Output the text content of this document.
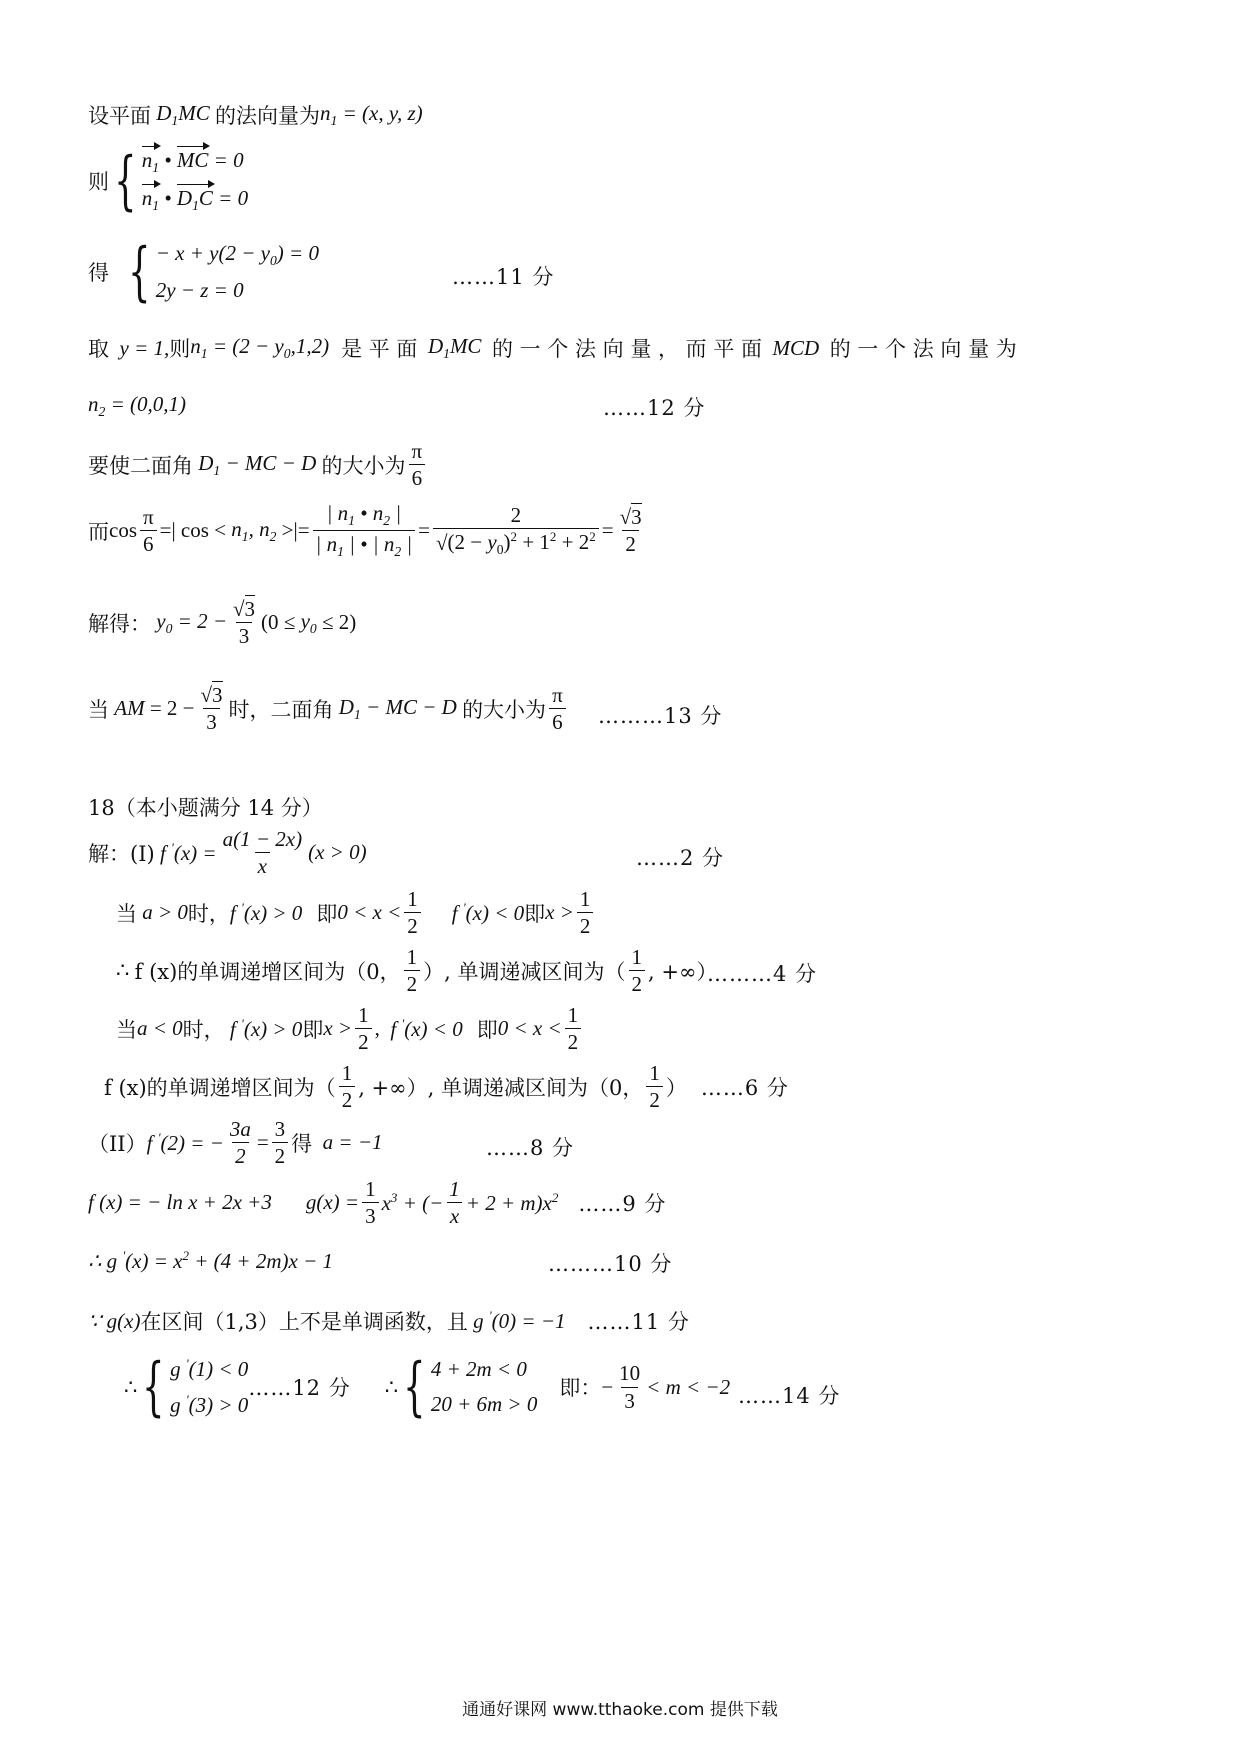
设平面 $D_1MC$ 的法向量为 $n_1 = (x$, y, z)
则 { $n_1$ • MC = 0
$n_1$ • $D_1C = 0$
得 { − $x + y(2 - y_0) = 0$
2y − z = 0
……11 分
取 y = 1, 则 $n_1 = (2 - y_0,1,2)$ 是 平 面 $D_1MC$ 的 一 个 法 向 量 ， 而 平 面 MCD 的 一 个 法 向 量 为
$n_2 = (0,0,1)$	……12 分
要使二面角 $D_1$ − MC − D 的大小为 $\frac{\pi}{6}$
而 $\cos \frac{\pi}{6}$ =| $\cos < n_1$, $n_2$ >|= $\frac{| n_1 • n_2 |}{| n_1 | • | n_2 |} = \frac{2}{√(2 - y_0)^2 + 1^2 + 2^2} = \frac{√3}{2}$
解得： $y_0 = 2 - \frac{√3}{3} (0 \le y_0 \le 2)$
当 AM = $2 - \frac{√3}{3}$ 时，二面角 $D_1$ − MC − D 的大小为 $\frac{\pi}{6}$ ………13 分
18（本小题满分 14 分）
解：(I) f $'(x) = \frac{a(1 - 2x)}{x} (x > 0)$	……2 分
当 a > 0 时， f '(x) > 0 即 $0 < x < \frac{1}{2}$ f '(x) < 0 即 $x > \frac{1}{2}$
∴ f (x)的单调递增区间为（0， $\frac{1}{2}$ ）, 单调递减区间为（ $\frac{1}{2}$ , +∞）
………4 分
当 a < 0 时， f '(x) > 0 即 $x > \frac{1}{2}$ , f '(x) < 0 即 $0 < x < \frac{1}{2}$
f (x)的单调递增区间为（ $\frac{1}{2}$ , +∞）, 单调递减区间为（0， $\frac{1}{2}$ ） ……6 分
（II） f '(2) = − $\frac{3a}{2} = \frac{3}{2}$ 得 a = −1	……8 分
f (x) = − ln x + 2x +3 $g(x) = \frac{1}{3} x^3$ + (− $\frac{1}{x} + 2 + m)x^2$ ……9 分
∴ g $'(x) = x^2 + (4 + 2m)x - 1$	………10 分
∵ g(x) 在区间（1,3）上不是单调函数，且 g '(0) = −1 ……11 分
∴ { g '(1) < 0
g '(3) > 0
……12 分 ∴ { 4 + 2m < 0
20 + 6m > 0
即： − $\frac{10}{3} < m < -2$ ……14 分
通通好课网 www.tthaoke.com 提供下载
